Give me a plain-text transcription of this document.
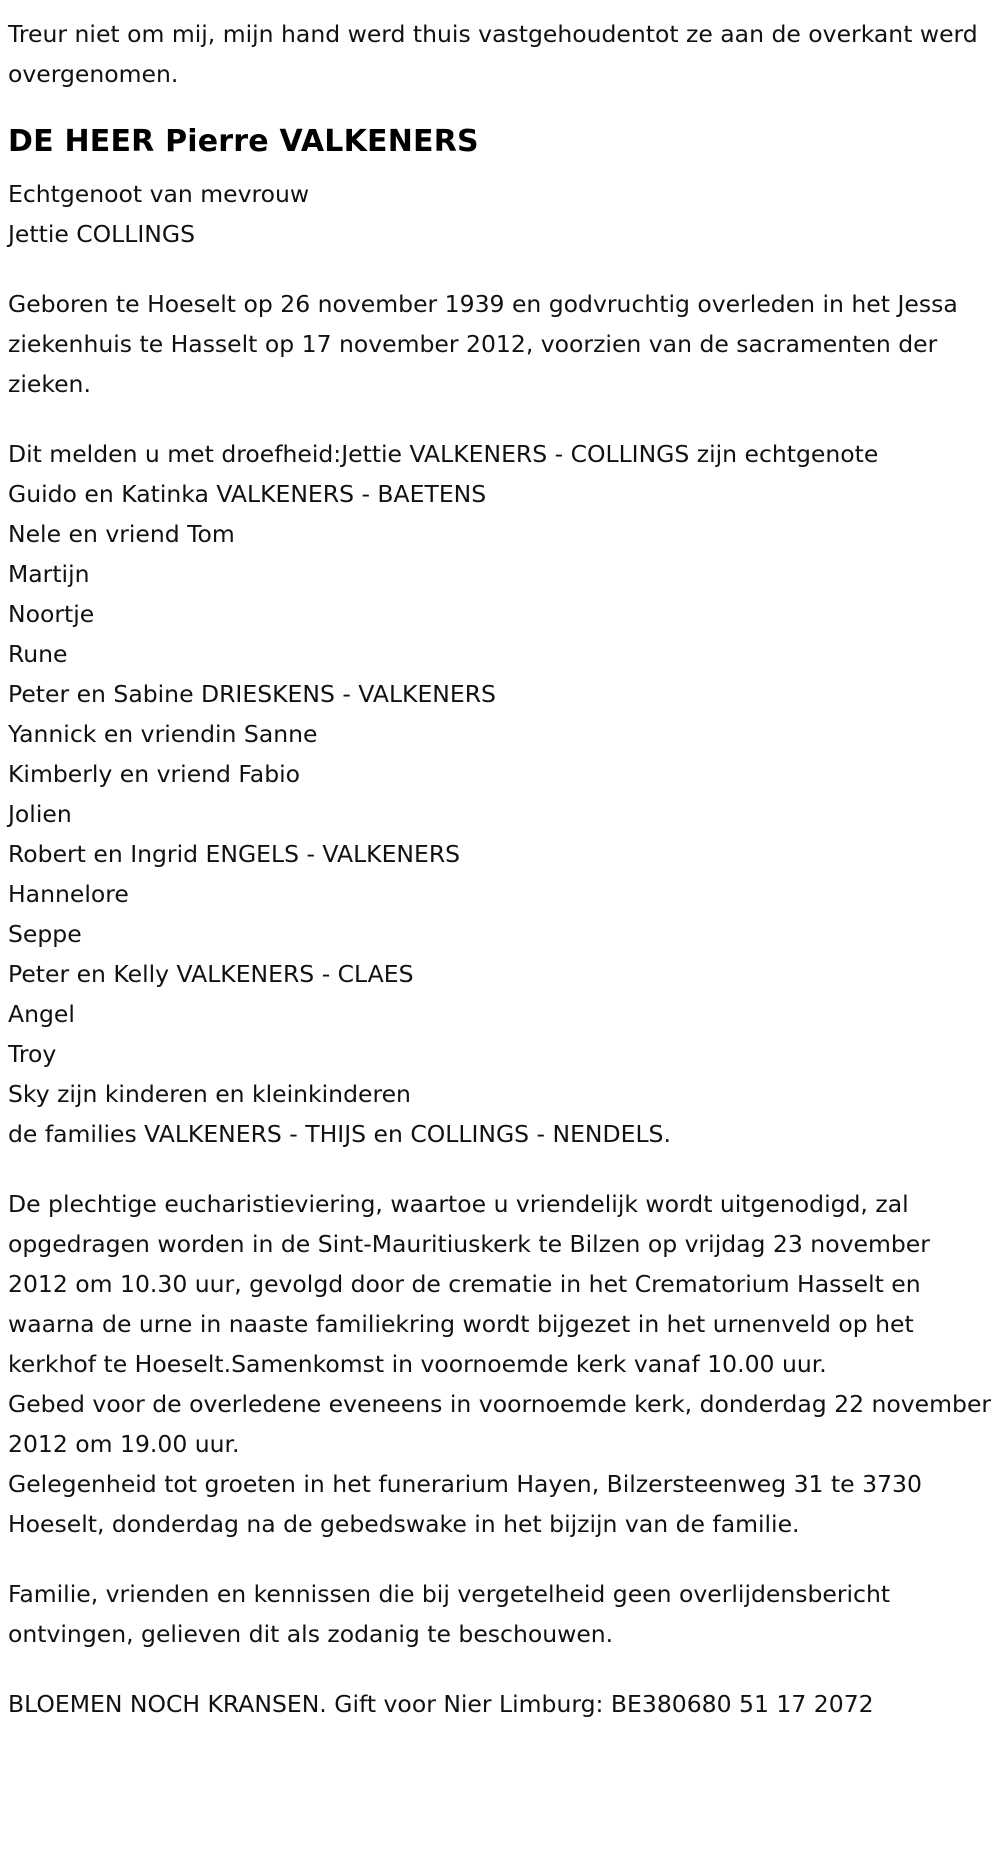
Treur niet om mij, mijn hand werd thuis vastgehoudentot ze aan de overkant werd overgenomen.

DE HEER Pierre VALKENERS
Echtgenoot van mevrouw
Jettie COLLINGS

Geboren te Hoeselt op 26 november 1939 en godvruchtig overleden in het Jessa ziekenhuis te Hasselt op 17 november 2012, voorzien van de sacramenten der zieken.

Dit melden u met droefheid:Jettie VALKENERS - COLLINGS zijn echtgenote

Guido en Katinka VALKENERS - BAETENS
Nele en vriend Tom
Martijn
Noortje
Rune
Peter en Sabine DRIESKENS - VALKENERS
Yannick en vriendin Sanne
Kimberly en vriend Fabio
Jolien
Robert en Ingrid ENGELS - VALKENERS
Hannelore
Seppe
Peter en Kelly VALKENERS - CLAES
Angel
Troy
Sky zijn kinderen en kleinkinderen
de families VALKENERS - THIJS en COLLINGS - NENDELS.

De plechtige eucharistieviering, waartoe u vriendelijk wordt uitgenodigd, zal opgedragen worden in de Sint-Mauritiuskerk te Bilzen op vrijdag 23 november 2012 om 10.30 uur, gevolgd door de crematie in het Crematorium Hasselt en waarna de urne in naaste familiekring wordt bijgezet in het urnenveld op het kerkhof te Hoeselt.Samenkomst in voornoemde kerk vanaf 10.00 uur.

Gebed voor de overledene eveneens in voornoemde kerk, donderdag 22 november 2012 om 19.00 uur.

Gelegenheid tot groeten in het funerarium Hayen, Bilzersteenweg 31 te 3730 Hoeselt, donderdag na de gebedswake in het bijzijn van de familie.

Familie, vrienden en kennissen die bij vergetelheid geen overlijdensbericht ontvingen, gelieven dit als zodanig te beschouwen.

BLOEMEN NOCH KRANSEN. Gift voor Nier Limburg: BE380680 51 17 2072
